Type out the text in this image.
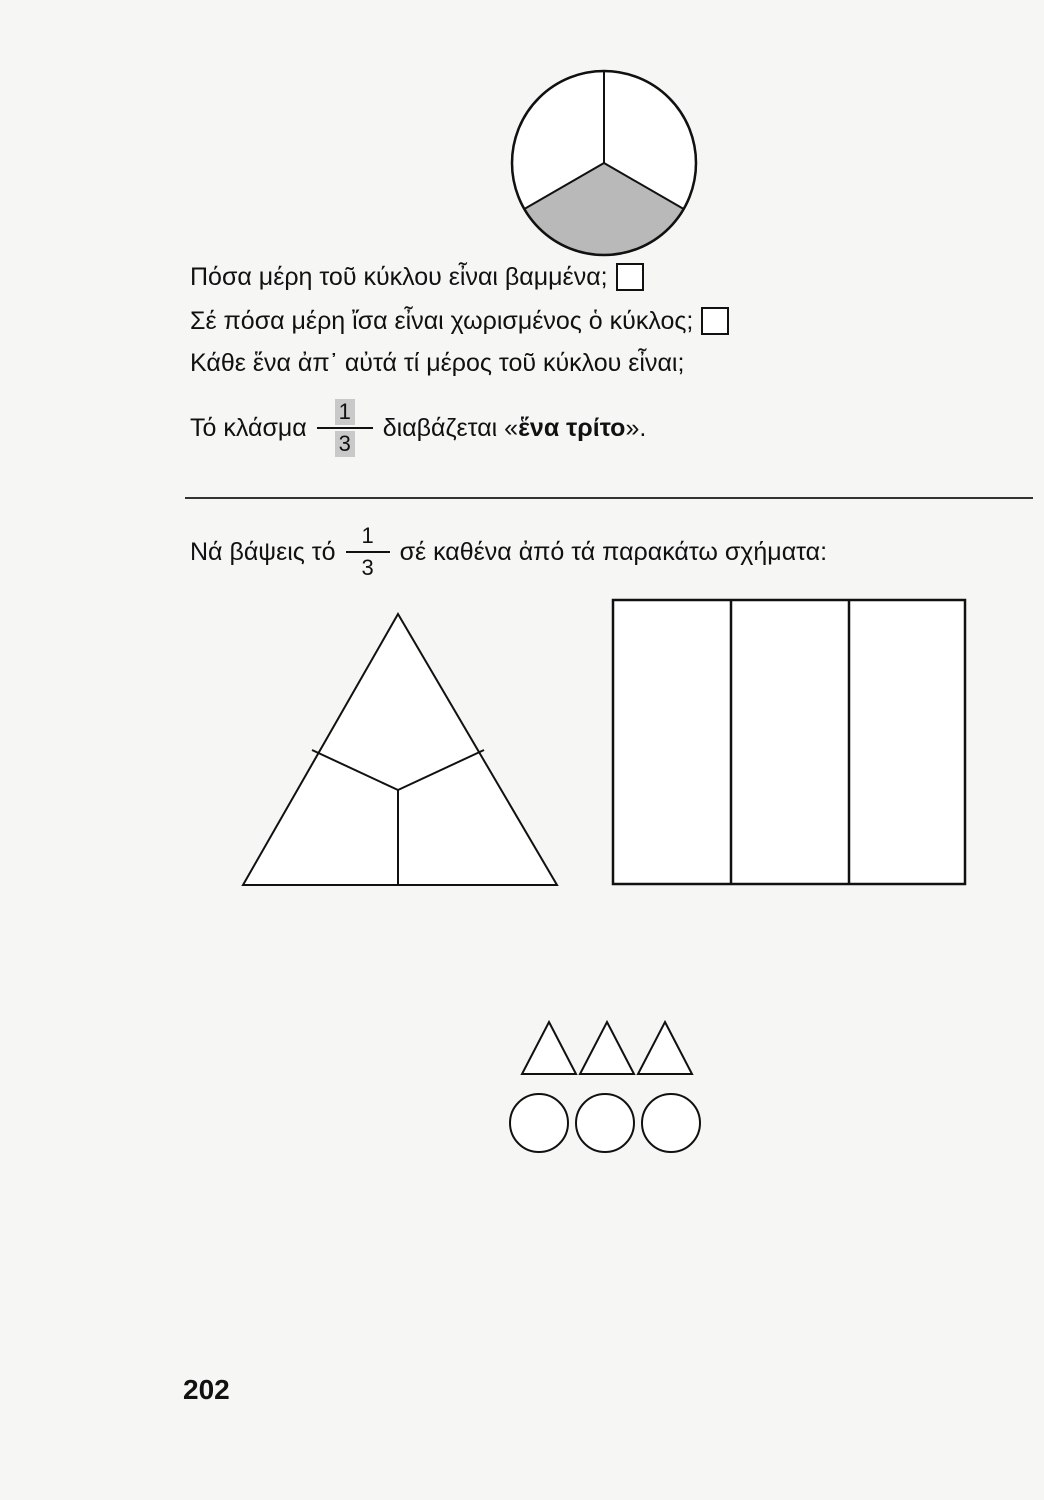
Πόσα μέρη τοῦ κύκλου εἶναι βαμμένα;
Σέ πόσα μέρη ἴσα εἶναι χωρισμένος ὁ κύκλος;
Κάθε ἕνα ἀπ᾽ αὐτά τί μέρος τοῦ κύκλου εἶναι;
Τό κλάσμα $\frac{1}{3}$ διαβάζεται « ἕνα τρίτο ».
Νά βάψεις τό $\frac{1}{3}$ σέ καθένα ἀπό τά παρακάτω σχήματα:
202
